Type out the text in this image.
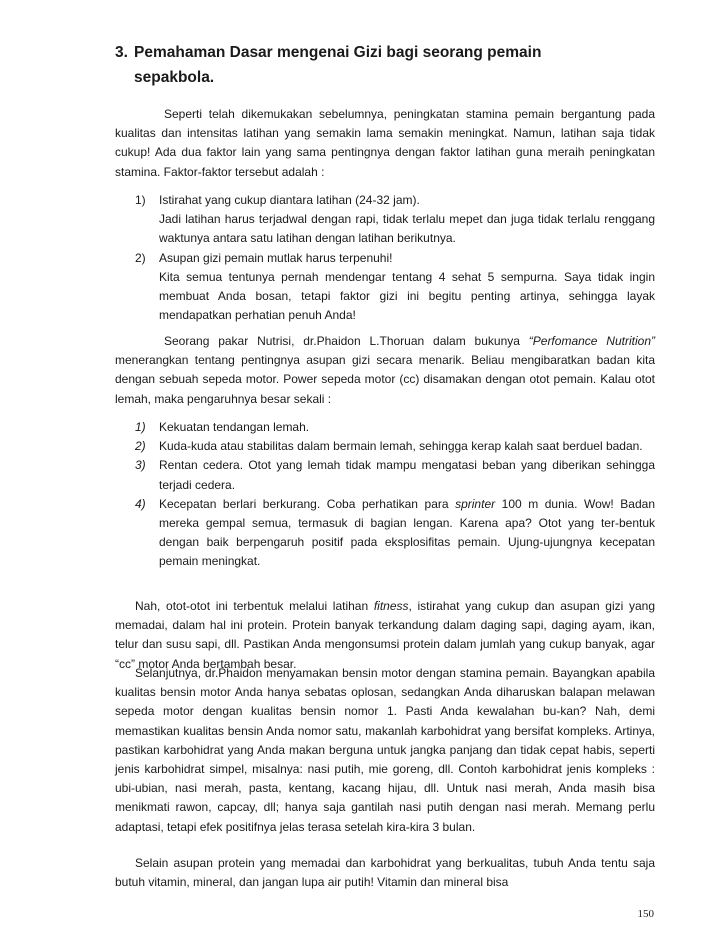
3. Pemahaman Dasar mengenai Gizi bagi seorang pemain
sepakbola.

Seperti telah dikemukakan sebelumnya, peningkatan stamina pemain bergantung pada kualitas dan intensitas latihan yang semakin lama semakin meningkat. Namun, latihan saja tidak cukup! Ada dua faktor lain yang sama pentingnya dengan faktor latihan guna meraih peningkatan stamina. Faktor-faktor tersebut adalah :

1) Istirahat yang cukup diantara latihan (24-32 jam).
Jadi latihan harus terjadwal dengan rapi, tidak terlalu mepet dan juga tidak terlalu renggang waktunya antara satu latihan dengan latihan berikutnya.
2) Asupan gizi pemain mutlak harus terpenuhi!
Kita semua tentunya pernah mendengar tentang 4 sehat 5 sempurna. Saya tidak ingin membuat Anda bosan, tetapi faktor gizi ini begitu penting artinya, sehingga layak mendapatkan perhatian penuh Anda!

Seorang pakar Nutrisi, dr.Phaidon L.Thoruan dalam bukunya “Perfomance Nutrition” menerangkan tentang pentingnya asupan gizi secara menarik. Beliau mengibaratkan badan kita dengan sebuah sepeda motor. Power sepeda motor (cc) disamakan dengan otot pemain. Kalau otot lemah, maka pengaruhnya besar sekali :

1) Kekuatan tendangan lemah.
2) Kuda-kuda atau stabilitas dalam bermain lemah, sehingga kerap kalah saat berduel badan.
3) Rentan cedera. Otot yang lemah tidak mampu mengatasi beban yang diberikan sehingga terjadi cedera.
4) Kecepatan berlari berkurang. Coba perhatikan para sprinter 100 m dunia. Wow! Badan mereka gempal semua, termasuk di bagian lengan. Karena apa? Otot yang ter-bentuk dengan baik berpengaruh positif pada eksplosifitas pemain. Ujung-ujungnya kecepatan pemain meningkat.

Nah, otot-otot ini terbentuk melalui latihan fitness, istirahat yang cukup dan asupan gizi yang memadai, dalam hal ini protein. Protein banyak terkandung dalam daging sapi, daging ayam, ikan, telur dan susu sapi, dll. Pastikan Anda mengonsumsi protein dalam jumlah yang cukup banyak, agar “cc” motor Anda bertambah besar.

Selanjutnya, dr.Phaidon menyamakan bensin motor dengan stamina pemain. Bayangkan apabila kualitas bensin motor Anda hanya sebatas oplosan, sedangkan Anda diharuskan balapan melawan sepeda motor dengan kualitas bensin nomor 1. Pasti Anda kewalahan bu-kan? Nah, demi memastikan kualitas bensin Anda nomor satu, makanlah karbohidrat yang bersifat kompleks. Artinya, pastikan karbohidrat yang Anda makan berguna untuk jangka panjang dan tidak cepat habis, seperti jenis karbohidrat simpel, misalnya: nasi putih, mie goreng, dll. Contoh karbohidrat jenis kompleks : ubi-ubian, nasi merah, pasta, kentang, kacang hijau, dll. Untuk nasi merah, Anda masih bisa menikmati rawon, capcay, dll; hanya saja gantilah nasi putih dengan nasi merah. Memang perlu adaptasi, tetapi efek positifnya jelas terasa setelah kira-kira 3 bulan.

Selain asupan protein yang memadai dan karbohidrat yang berkualitas, tubuh Anda tentu saja butuh vitamin, mineral, dan jangan lupa air putih! Vitamin dan mineral bisa

150
